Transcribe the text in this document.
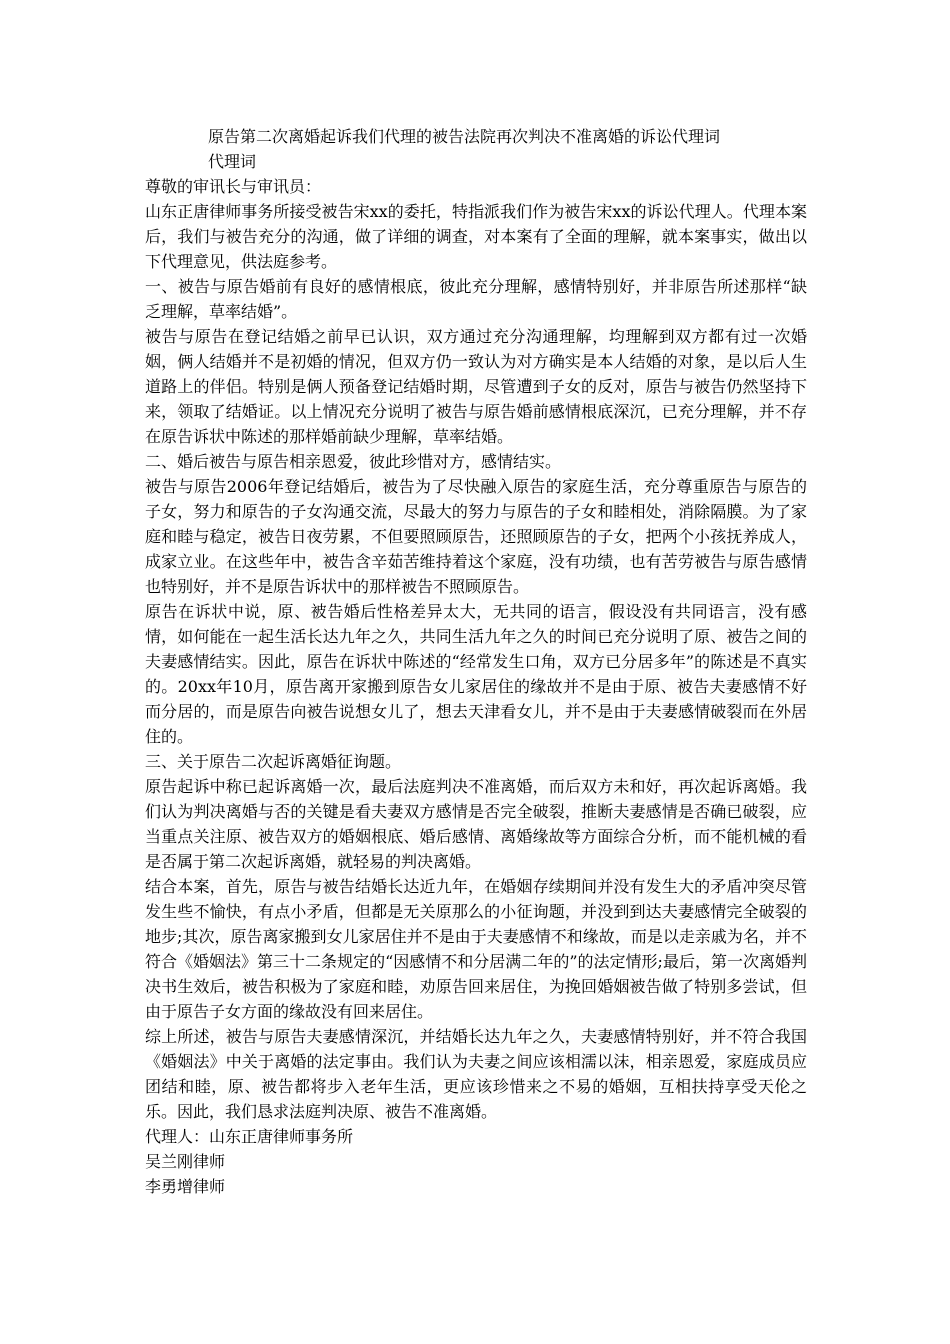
原告第二次离婚起诉我们代理的被告法院再次判决不准离婚的诉讼代理词
代理词

尊敬的审讯长与审讯员：

山东正唐律师事务所接受被告宋xx的委托，特指派我们作为被告宋xx的诉讼代理人。代理本案后，我们与被告充分的沟通，做了详细的调查，对本案有了全面的理解，就本案事实，做出以下代理意见，供法庭参考。

一、被告与原告婚前有良好的感情根底，彼此充分理解，感情特别好，并非原告所述那样“缺乏理解，草率结婚”。

被告与原告在登记结婚之前早已认识，双方通过充分沟通理解，均理解到双方都有过一次婚姻，俩人结婚并不是初婚的情况，但双方仍一致认为对方确实是本人结婚的对象，是以后人生道路上的伴侣。特别是俩人预备登记结婚时期，尽管遭到子女的反对，原告与被告仍然坚持下来，领取了结婚证。以上情况充分说明了被告与原告婚前感情根底深沉，已充分理解，并不存在原告诉状中陈述的那样婚前缺少理解，草率结婚。

二、婚后被告与原告相亲恩爱，彼此珍惜对方，感情结实。

被告与原告2006年登记结婚后，被告为了尽快融入原告的家庭生活，充分尊重原告与原告的子女，努力和原告的子女沟通交流，尽最大的努力与原告的子女和睦相处，消除隔膜。为了家庭和睦与稳定，被告日夜劳累，不但要照顾原告，还照顾原告的子女，把两个小孩抚养成人，成家立业。在这些年中，被告含辛茹苦维持着这个家庭，没有功绩，也有苦劳被告与原告感情也特别好，并不是原告诉状中的那样被告不照顾原告。

原告在诉状中说，原、被告婚后性格差异太大，无共同的语言，假设没有共同语言，没有感情，如何能在一起生活长达九年之久，共同生活九年之久的时间已充分说明了原、被告之间的夫妻感情结实。因此，原告在诉状中陈述的“经常发生口角，双方已分居多年”的陈述是不真实的。20xx年10月，原告离开家搬到原告女儿家居住的缘故并不是由于原、被告夫妻感情不好而分居的，而是原告向被告说想女儿了，想去天津看女儿，并不是由于夫妻感情破裂而在外居住的。

三、关于原告二次起诉离婚征询题。

原告起诉中称已起诉离婚一次，最后法庭判决不准离婚，而后双方未和好，再次起诉离婚。我们认为判决离婚与否的关键是看夫妻双方感情是否完全破裂，推断夫妻感情是否确已破裂，应当重点关注原、被告双方的婚姻根底、婚后感情、离婚缘故等方面综合分析，而不能机械的看是否属于第二次起诉离婚，就轻易的判决离婚。

结合本案，首先，原告与被告结婚长达近九年，在婚姻存续期间并没有发生大的矛盾冲突尽管发生些不愉快，有点小矛盾，但都是无关原那么的小征询题，并没到到达夫妻感情完全破裂的地步;其次，原告离家搬到女儿家居住并不是由于夫妻感情不和缘故，而是以走亲戚为名，并不符合《婚姻法》第三十二条规定的“因感情不和分居满二年的”的法定情形;最后，第一次离婚判决书生效后，被告积极为了家庭和睦，劝原告回来居住，为挽回婚姻被告做了特别多尝试，但由于原告子女方面的缘故没有回来居住。

综上所述，被告与原告夫妻感情深沉，并结婚长达九年之久，夫妻感情特别好，并不符合我国《婚姻法》中关于离婚的法定事由。我们认为夫妻之间应该相濡以沫，相亲恩爱，家庭成员应团结和睦，原、被告都将步入老年生活，更应该珍惜来之不易的婚姻，互相扶持享受天伦之乐。因此，我们恳求法庭判决原、被告不准离婚。

代理人：山东正唐律师事务所

吴兰刚律师

李勇增律师
